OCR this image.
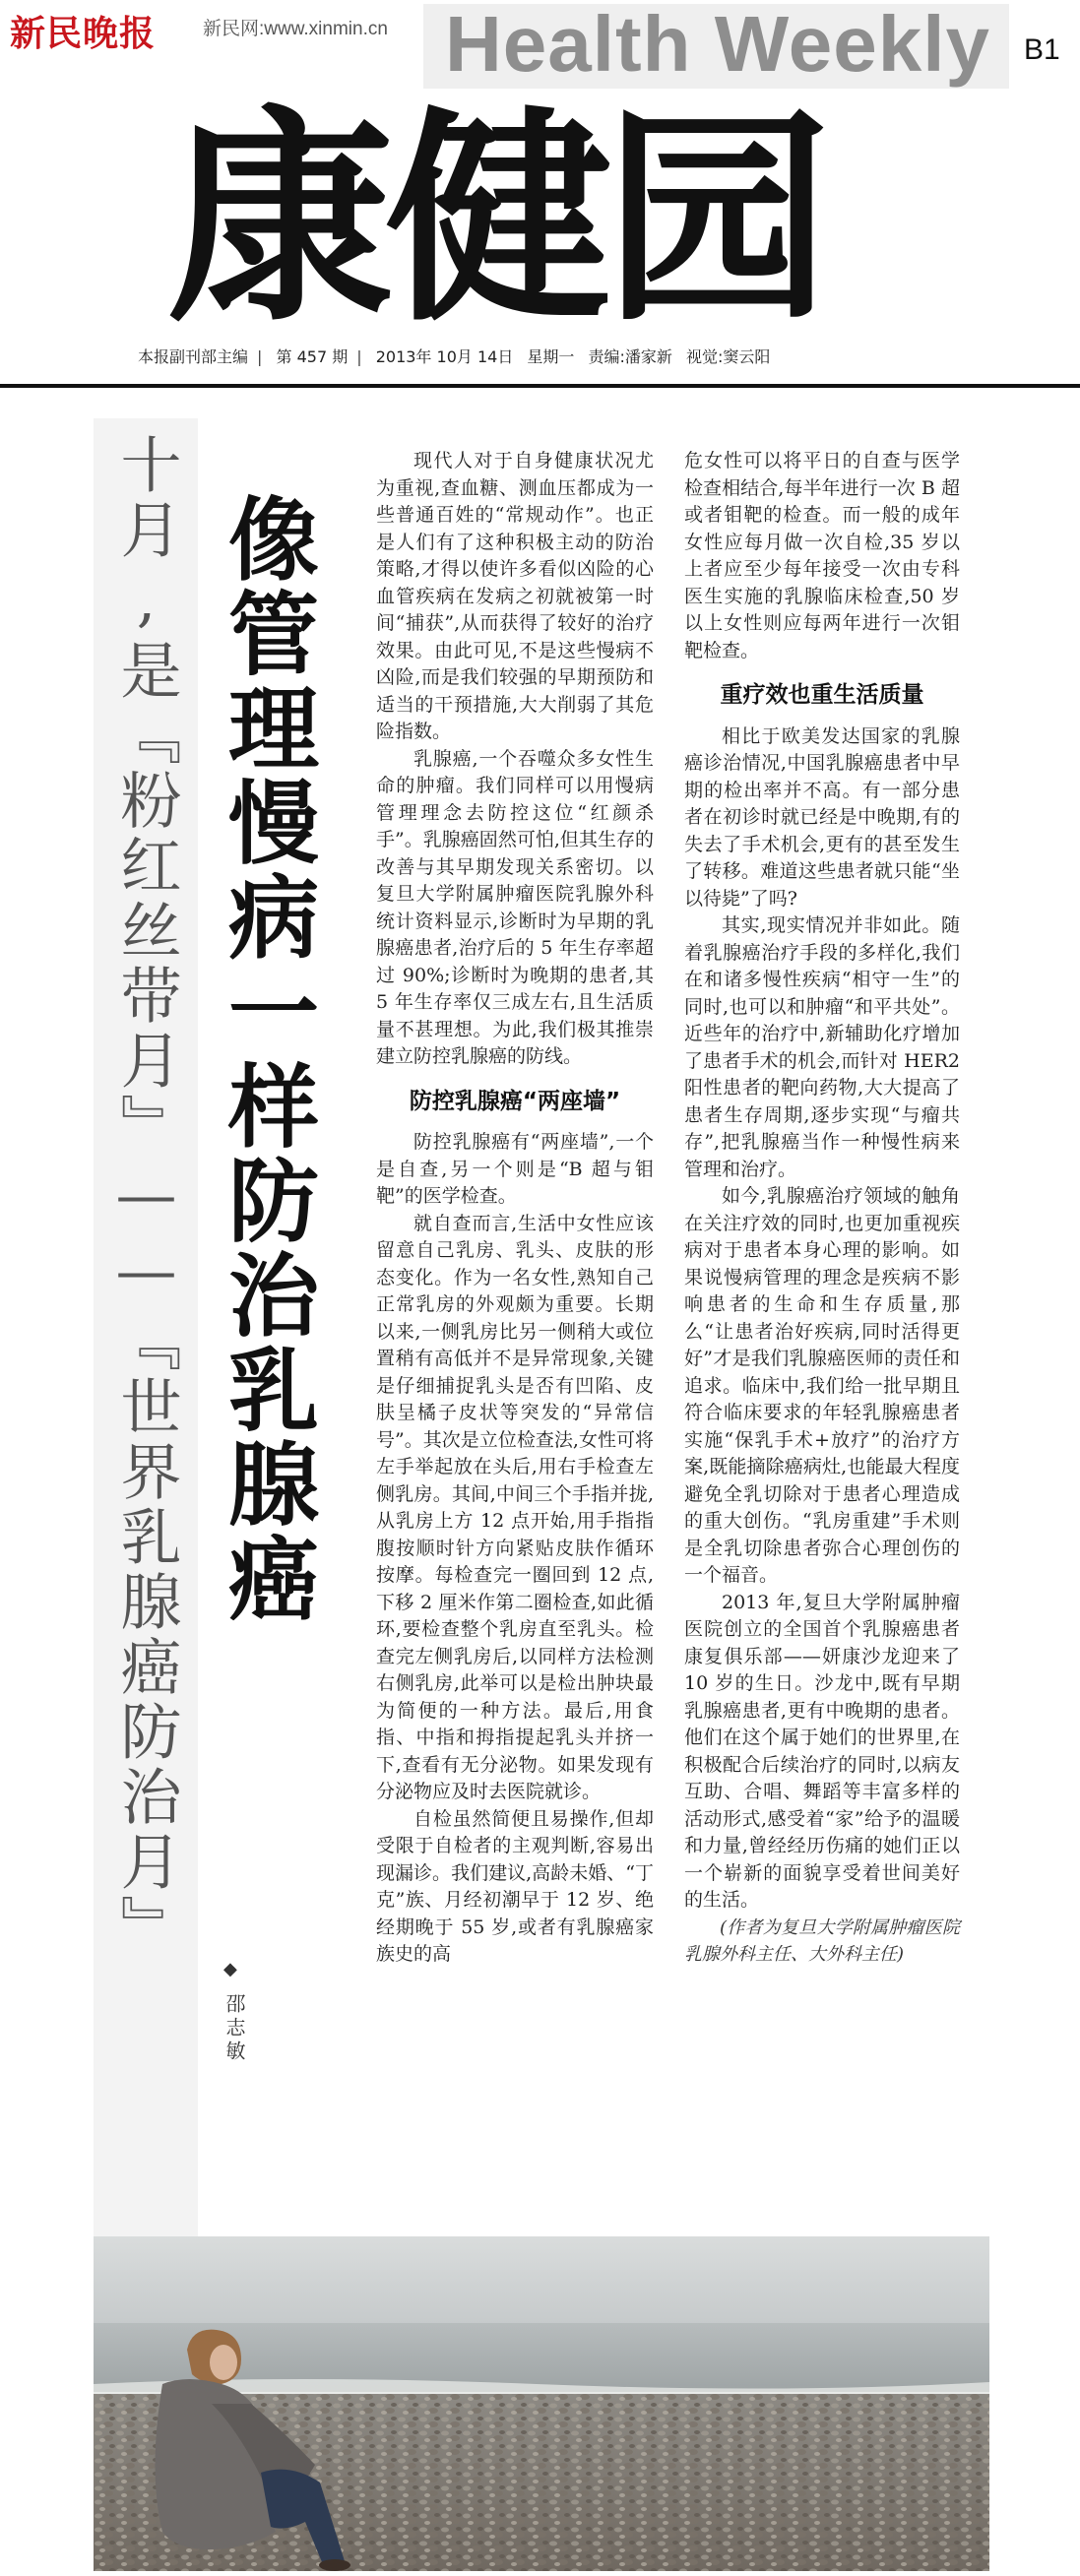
新民晚报	新民网:www.xinmin.cn Health Weekly B1
康健园
本报副刊部主编 | 第 457 期 | 2013年 10月 14日 星期一 责编:潘家新 视觉:窦云阳
十月,是『粉红丝带月』——『世界乳腺癌防治月』 像管理慢病一样防治乳腺癌
◆
邵志敏

现代人对于自身健康状况尤为重视,查血糖、测血压都成为一些普通百姓的“常规动作”。也正是人们有了这种积极主动的防治策略,才得以使许多看似凶险的心血管疾病在发病之初就被第一时间“捕获”,从而获得了较好的治疗效果。由此可见,不是这些慢病不凶险,而是我们较强的早期预防和适当的干预措施,大大削弱了其危险指数。

乳腺癌,一个吞噬众多女性生命的肿瘤。我们同样可以用慢病管理理念去防控这位“红颜杀手”。乳腺癌固然可怕,但其生存的改善与其早期发现关系密切。以复旦大学附属肿瘤医院乳腺外科统计资料显示,诊断时为早期的乳腺癌患者,治疗后的 5 年生存率超过 90%;诊断时为晚期的患者,其 5 年生存率仅三成左右,且生活质量不甚理想。为此,我们极其推崇建立防控乳腺癌的防线。

防控乳腺癌“两座墙”

防控乳腺癌有“两座墙”,一个是自查,另一个则是“B 超与钼靶”的医学检查。

就自查而言,生活中女性应该留意自己乳房、乳头、皮肤的形态变化。作为一名女性,熟知自己正常乳房的外观颇为重要。长期以来,一侧乳房比另一侧稍大或位置稍有高低并不是异常现象,关键是仔细捕捉乳头是否有凹陷、皮肤呈橘子皮状等突发的“异常信号”。其次是立位检查法,女性可将左手举起放在头后,用右手检查左侧乳房。其间,中间三个手指并拢,从乳房上方 12 点开始,用手指指腹按顺时针方向紧贴皮肤作循环按摩。每检查完一圈回到 12 点,下移 2 厘米作第二圈检查,如此循环,要检查整个乳房直至乳头。检查完左侧乳房后,以同样方法检测右侧乳房,此举可以是检出肿块最为简便的一种方法。最后,用食指、中指和拇指提起乳头并挤一下,查看有无分泌物。如果发现有分泌物应及时去医院就诊。

自检虽然简便且易操作,但却受限于自检者的主观判断,容易出现漏诊。我们建议,高龄未婚、“丁克”族、月经初潮早于 12 岁、绝经期晚于 55 岁,或者有乳腺癌家族史的高

危女性可以将平日的自查与医学检查相结合,每半年进行一次 B 超或者钼靶的检查。而一般的成年女性应每月做一次自检,35 岁以上者应至少每年接受一次由专科医生实施的乳腺临床检查,50 岁以上女性则应每两年进行一次钼靶检查。

重疗效也重生活质量

相比于欧美发达国家的乳腺癌诊治情况,中国乳腺癌患者中早期的检出率并不高。有一部分患者在初诊时就已经是中晚期,有的失去了手术机会,更有的甚至发生了转移。难道这些患者就只能“坐以待毙”了吗?

其实,现实情况并非如此。随着乳腺癌治疗手段的多样化,我们在和诸多慢性疾病“相守一生”的同时,也可以和肿瘤“和平共处”。近些年的治疗中,新辅助化疗增加了患者手术的机会,而针对 HER2 阳性患者的靶向药物,大大提高了患者生存周期,逐步实现“与瘤共存”,把乳腺癌当作一种慢性病来管理和治疗。

如今,乳腺癌治疗领域的触角在关注疗效的同时,也更加重视疾病对于患者本身心理的影响。如果说慢病管理的理念是疾病不影响患者的生命和生存质量,那么“让患者治好疾病,同时活得更好”才是我们乳腺癌医师的责任和追求。临床中,我们给一批早期且符合临床要求的年轻乳腺癌患者实施“保乳手术+放疗”的治疗方案,既能摘除癌病灶,也能最大程度避免全乳切除对于患者心理造成的重大创伤。“乳房重建”手术则是全乳切除患者弥合心理创伤的一个福音。

2013 年,复旦大学附属肿瘤医院创立的全国首个乳腺癌患者康复俱乐部——妍康沙龙迎来了 10 岁的生日。沙龙中,既有早期乳腺癌患者,更有中晚期的患者。他们在这个属于她们的世界里,在积极配合后续治疗的同时,以病友互助、合唱、舞蹈等丰富多样的活动形式,感受着“家”给予的温暖和力量,曾经经历伤痛的她们正以一个崭新的面貌享受着世间美好的生活。

(作者为复旦大学附属肿瘤医院乳腺外科主任、大外科主任)
